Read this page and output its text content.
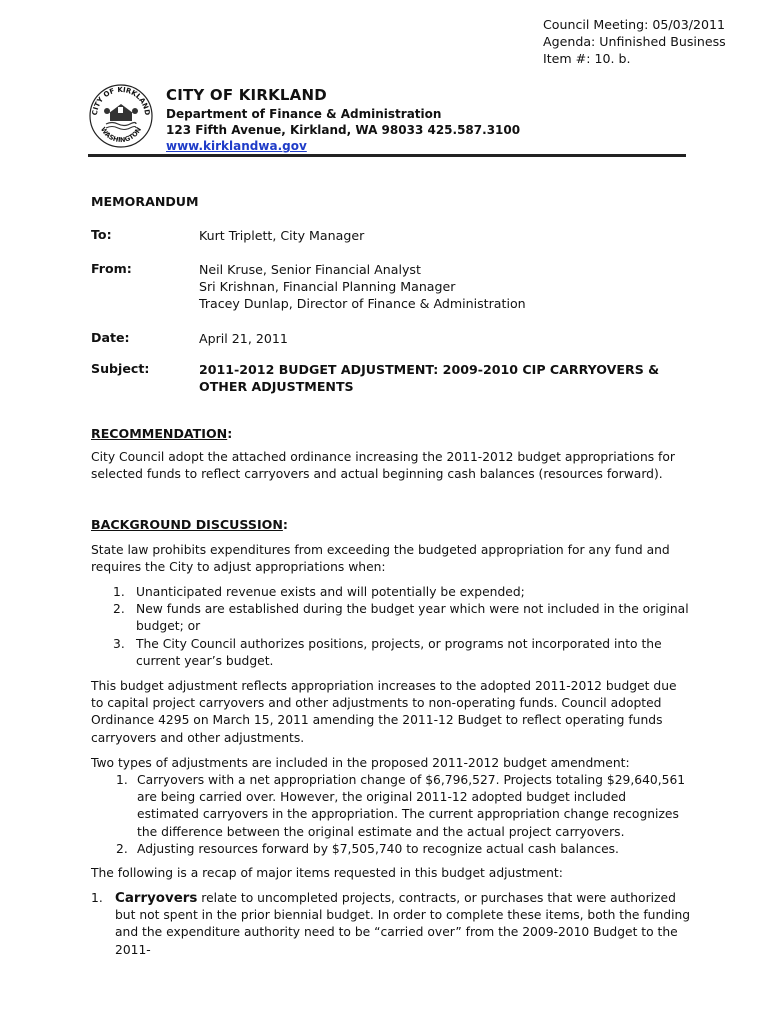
Council Meeting: 05/03/2011
Agenda: Unfinished Business
Item #: 10. b.
CITY OF KIRKLAND
WASHINGTON
CITY OF KIRKLAND
Department of Finance & Administration
123 Fifth Avenue, Kirkland, WA 98033 425.587.3100
www.kirklandwa.gov
MEMORANDUM
To:	Kurt Triplett, City Manager
From:	Neil Kruse, Senior Financial Analyst
Sri Krishnan, Financial Planning Manager
Tracey Dunlap, Director of Finance & Administration
Date:	April 21, 2011
Subject:	2011-2012 BUDGET ADJUSTMENT: 2009-2010 CIP CARRYOVERS &
OTHER ADJUSTMENTS
RECOMMENDATION:
City Council adopt the attached ordinance increasing the 2011-2012 budget appropriations for selected funds to reflect carryovers and actual beginning cash balances (resources forward).
BACKGROUND DISCUSSION:
State law prohibits expenditures from exceeding the budgeted appropriation for any fund and requires the City to adjust appropriations when:
1. Unanticipated revenue exists and will potentially be expended;
2. New funds are established during the budget year which were not included in the original budget; or
3. The City Council authorizes positions, projects, or programs not incorporated into the current year’s budget.
This budget adjustment reflects appropriation increases to the adopted 2011-2012 budget due to capital project carryovers and other adjustments to non-operating funds. Council adopted Ordinance 4295 on March 15, 2011 amending the 2011-12 Budget to reflect operating funds carryovers and other adjustments.
Two types of adjustments are included in the proposed 2011-2012 budget amendment:
1. Carryovers with a net appropriation change of $6,796,527. Projects totaling $29,640,561 are being carried over. However, the original 2011-12 adopted budget included estimated carryovers in the appropriation. The current appropriation change recognizes the difference between the original estimate and the actual project carryovers.
2. Adjusting resources forward by $7,505,740 to recognize actual cash balances.
The following is a recap of major items requested in this budget adjustment:
1. Carryovers relate to uncompleted projects, contracts, or purchases that were authorized but not spent in the prior biennial budget. In order to complete these items, both the funding and the expenditure authority need to be “carried over” from the 2009-2010 Budget to the 2011-
